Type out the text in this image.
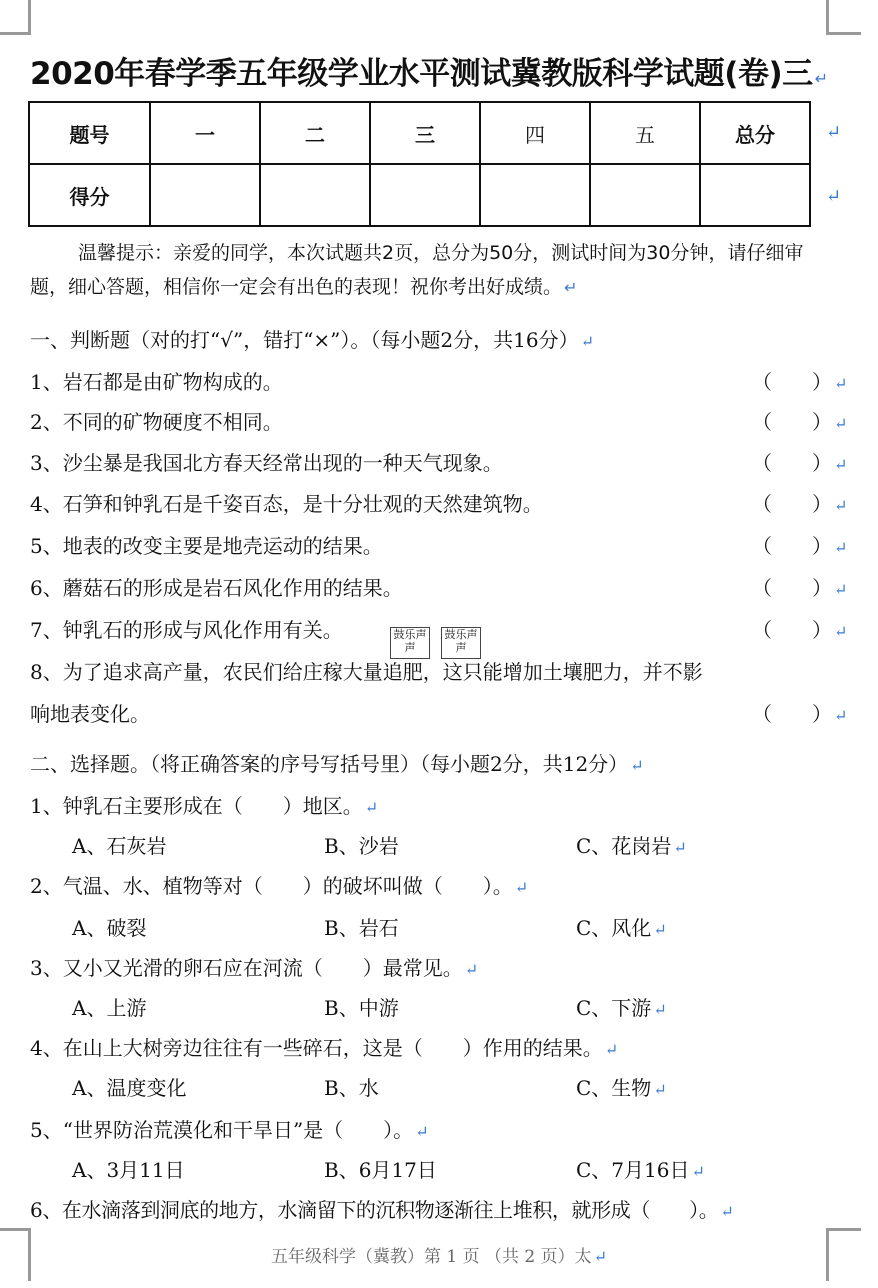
2020年春学季五年级学业水平测试冀教版科学试题(卷)三 ↵
题号	一	二	三	四	五	总分
得分						
↵
↵
温馨提示：亲爱的同学，本次试题共2页，总分为50分，测试时间为30分钟，请仔细审题，细心答题，相信你一定会有出色的表现！祝你考出好成绩。 ↵
一、判断题（对的打“√”，错打“×”）。（每小题2分，共16分） ↵
1、岩石都是由矿物构成的。	（　　） ↵
2、不同的矿物硬度不相同。	（　　） ↵
3、沙尘暴是我国北方春天经常出现的一种天气现象。	（　　） ↵
4、石笋和钟乳石是千姿百态，是十分壮观的天然建筑物。	（　　） ↵
5、地表的改变主要是地壳运动的结果。	（　　） ↵
6、蘑菇石的形成是岩石风化作用的结果。	（　　） ↵
7、钟乳石的形成与风化作用有关。	（　　） ↵
8、为了追求高产量，农民们给庄稼大量追肥，这只能增加土壤肥力，并不影
鼓乐声声
鼓乐声声
响地表变化。	（　　） ↵
二、选择题。（将正确答案的序号写括号里）（每小题2分，共12分） ↵
1、钟乳石主要形成在（　　）地区。 ↵
A、石灰岩	B、沙岩	C、花岗岩 ↵
2、气温、水、植物等对（　　）的破坏叫做（　　）。 ↵
A、破裂	B、岩石	C、风化 ↵
3、又小又光滑的卵石应在河流（　　）最常见。 ↵
A、上游	B、中游	C、下游 ↵
4、在山上大树旁边往往有一些碎石，这是（　　）作用的结果。 ↵
A、温度变化	B、水	C、生物 ↵
5、“世界防治荒漠化和干旱日”是（　　）。 ↵
A、3月11日	B、6月17日	C、7月16日 ↵
6、在水滴落到洞底的地方，水滴留下的沉积物逐渐往上堆积，就形成（　　）。 ↵
五年级科学（冀教）第 1 页 （共 2 页）太 ↵
